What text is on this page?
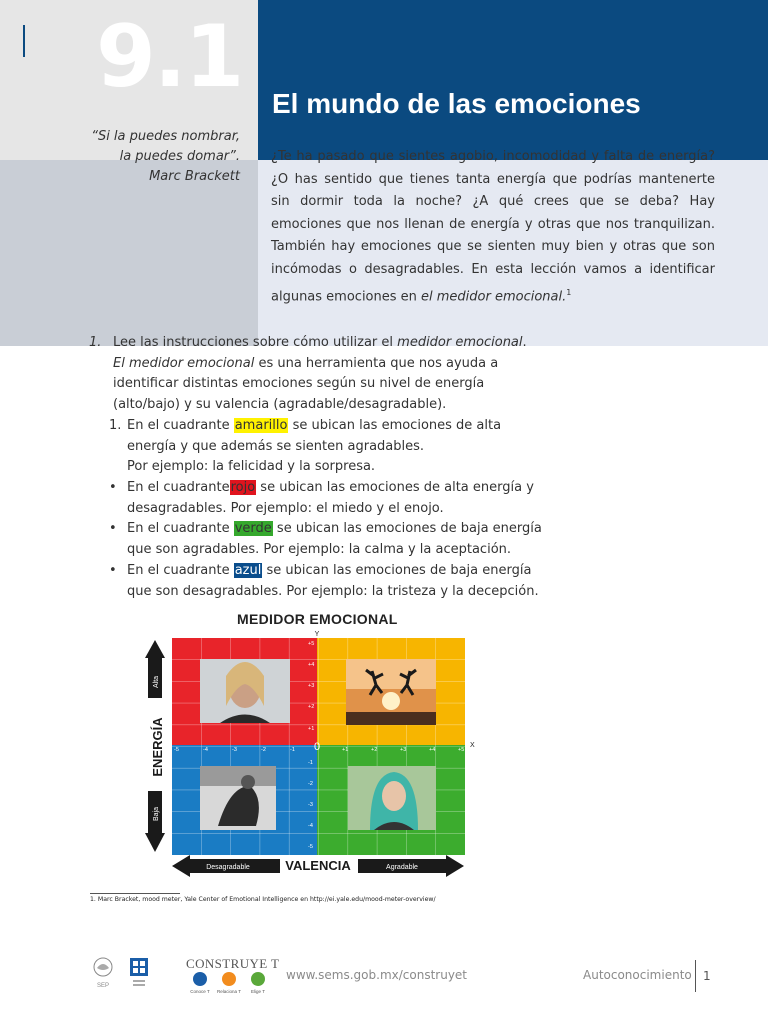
9.1 El mundo de las emociones
“Si la puedes nombrar,
la puedes domar”.
Marc Brackett
¿Te ha pasado que sientes agobio, incomodidad y falta de energía? ¿O has sentido que tienes tanta energía que podrías mantenerte sin dormir toda la noche? ¿A qué crees que se deba? Hay emociones que nos llenan de energía y otras que nos tranquilizan. También hay emociones que se sienten muy bien y otras que son incómodas o desagradables. En esta lección vamos a identificar algunas emociones en el medidor emocional.$^1$
1. Lee las instrucciones sobre cómo utilizar el medidor emocional.
El medidor emocional es una herramienta que nos ayuda a identificar distintas emociones según su nivel de energía (alto/bajo) y su valencia (agradable/desagradable).
1. En el cuadrante amarillo se ubican las emociones de alta energía y que además se sienten agradables.
Por ejemplo: la felicidad y la sorpresa.
• En el cuadranterojo se ubican las emociones de alta energía y desagradables. Por ejemplo: el miedo y el enojo.
• En el cuadrante verde se ubican las emociones de baja energía que son agradables. Por ejemplo: la calma y la aceptación.
• En el cuadrante azul se ubican las emociones de baja energía que son desagradables. Por ejemplo: la tristeza y la decepción.
MEDIDOR EMOCIONAL
-5	-4	-3	-2	-1	+1	+2	+3	+4	+5
+5
+4
+3
+2
+1
-1
-2
-3
-4
-5
0
Y
X
Alta
ENERGÍA
Baja
Desagradable	VALENCIA	Agradable
1. Marc Bracket, mood meter, Yale Center of Emotional Intelligence en http://ei.yale.edu/mood-meter-overview/
SEP
CONSTRUYE T
Conoce T Relaciona T Elige T
www.sems.gob.mx/construyet	Autoconocimiento 1
